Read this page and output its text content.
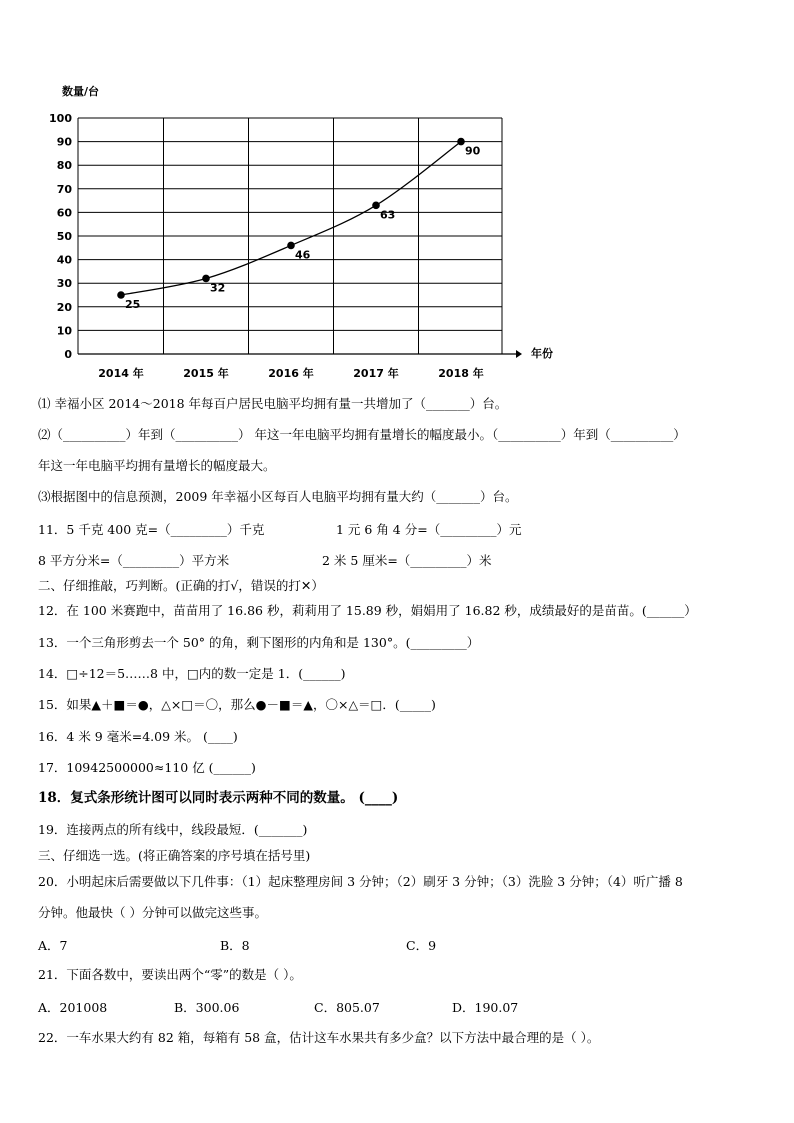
数量/台
年份
0
10
20
30
40
50
60
70
80
90
100
2014 年	2015 年	2016 年	2017 年	2018 年
25
32
46
63
90
⑴ 幸福小区 2014～2018 年每百户居民电脑平均拥有量一共增加了（_______）台。
⑵（__________）年到（__________） 年这一年电脑平均拥有量增长的幅度最小。（__________）年到（__________）
年这一年电脑平均拥有量增长的幅度最大。
⑶根据图中的信息预测，2009 年幸福小区每百人电脑平均拥有量大约（_______）台。
11．5 千克 400 克=（_________）千克	1 元 6 角 4 分=（_________）元
8 平方分米=（_________）平方米	2 米 5 厘米=（_________）米
二、仔细推敲，巧判断。(正确的打√，错误的打✕）
12．在 100 米赛跑中，苗苗用了 16.86 秒，莉莉用了 15.89 秒，娟娟用了 16.82 秒，成绩最好的是苗苗。(______）
13．一个三角形剪去一个 50° 的角，剩下图形的内角和是 130°。(_________）
14．□÷12＝5……8 中，□内的数一定是 1．(______)
15．如果▲＋■＝●，△×□＝〇，那么●－■＝▲，〇×△＝□．(_____)
16．4 米 9 毫米=4.09 米。 (____)
17．10942500000≈110 亿 (______)
18．复式条形统计图可以同时表示两种不同的数量。 (____)
19．连接两点的所有线中，线段最短．(_______)
三、仔细选一选。(将正确答案的序号填在括号里)
20．小明起床后需要做以下几件事：（1）起床整理房间 3 分钟；（2）刷牙 3 分钟；（3）洗脸 3 分钟；（4）听广播 8
分钟。他最快（ ）分钟可以做完这些事。
A．7	B．8	C．9
21．下面各数中，要读出两个“零”的数是（ ）。
A．201008	B．300.06	C．805.07	D．190.07
22．一车水果大约有 82 箱，每箱有 58 盒，估计这车水果共有多少盒？以下方法中最合理的是（ ）。
